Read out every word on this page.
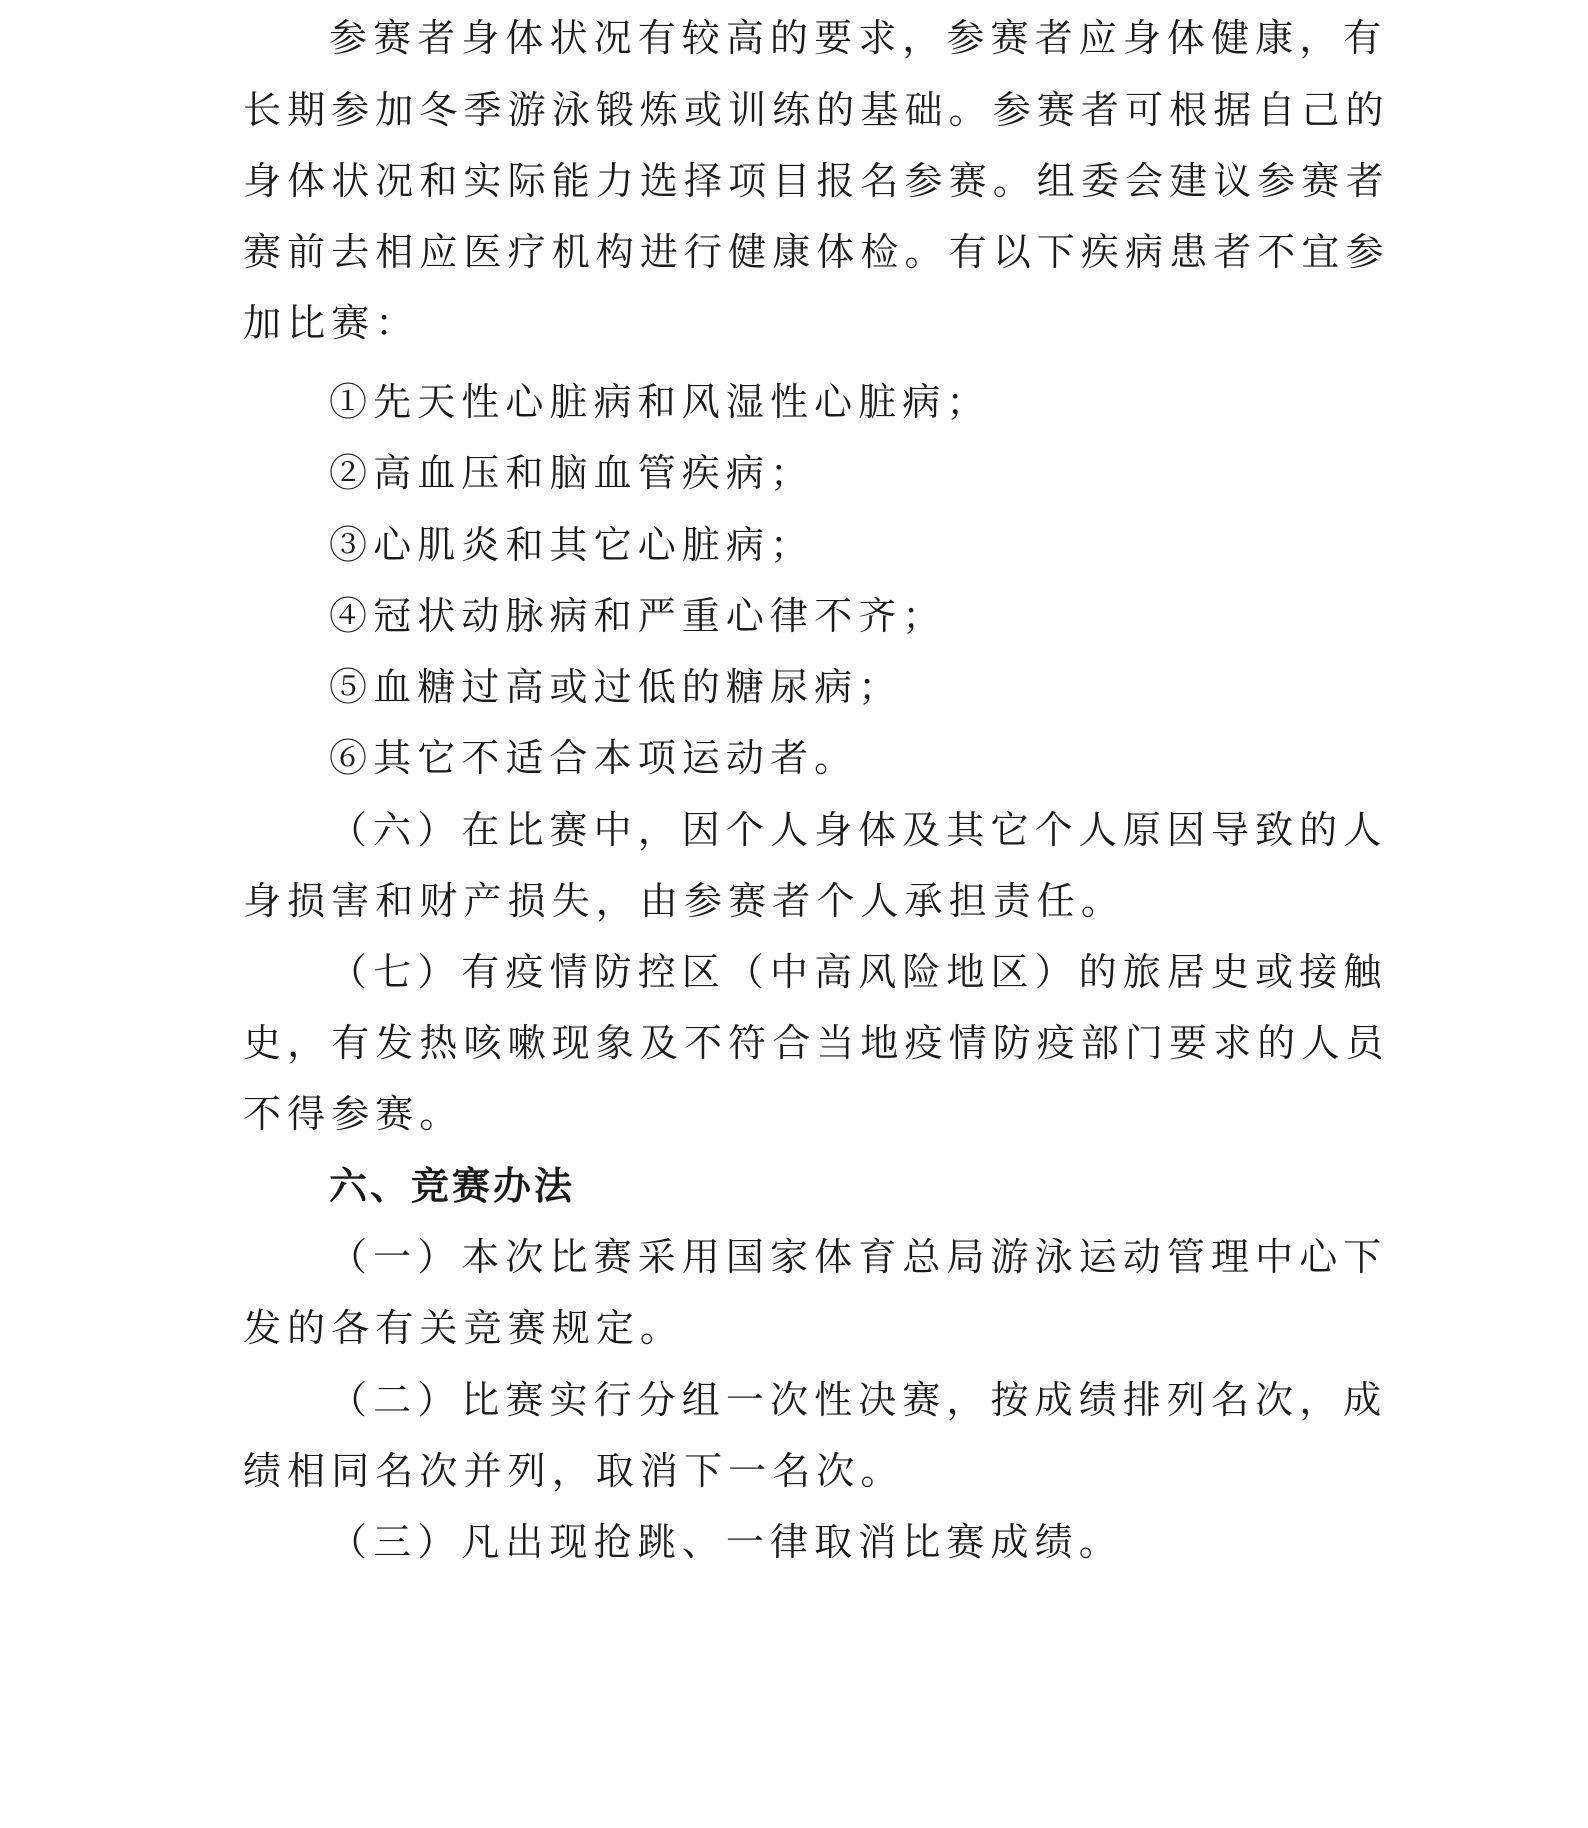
参赛者身体状况有较高的要求，参赛者应身体健康，有
长期参加冬季游泳锻炼或训练的基础。参赛者可根据自己的
身体状况和实际能力选择项目报名参赛。组委会建议参赛者
赛前去相应医疗机构进行健康体检。有以下疾病患者不宜参
加比赛：
①先天性心脏病和风湿性心脏病；
②高血压和脑血管疾病；
③心肌炎和其它心脏病；
④冠状动脉病和严重心律不齐；
⑤血糖过高或过低的糖尿病；
⑥其它不适合本项运动者。
（六）在比赛中，因个人身体及其它个人原因导致的人
身损害和财产损失，由参赛者个人承担责任。
（七）有疫情防控区（中高风险地区）的旅居史或接触
史，有发热咳嗽现象及不符合当地疫情防疫部门要求的人员
不得参赛。
六、竞赛办法
（一）本次比赛采用国家体育总局游泳运动管理中心下
发的各有关竞赛规定。
（二）比赛实行分组一次性决赛，按成绩排列名次，成
绩相同名次并列，取消下一名次。
（三）凡出现抢跳、一律取消比赛成绩。
